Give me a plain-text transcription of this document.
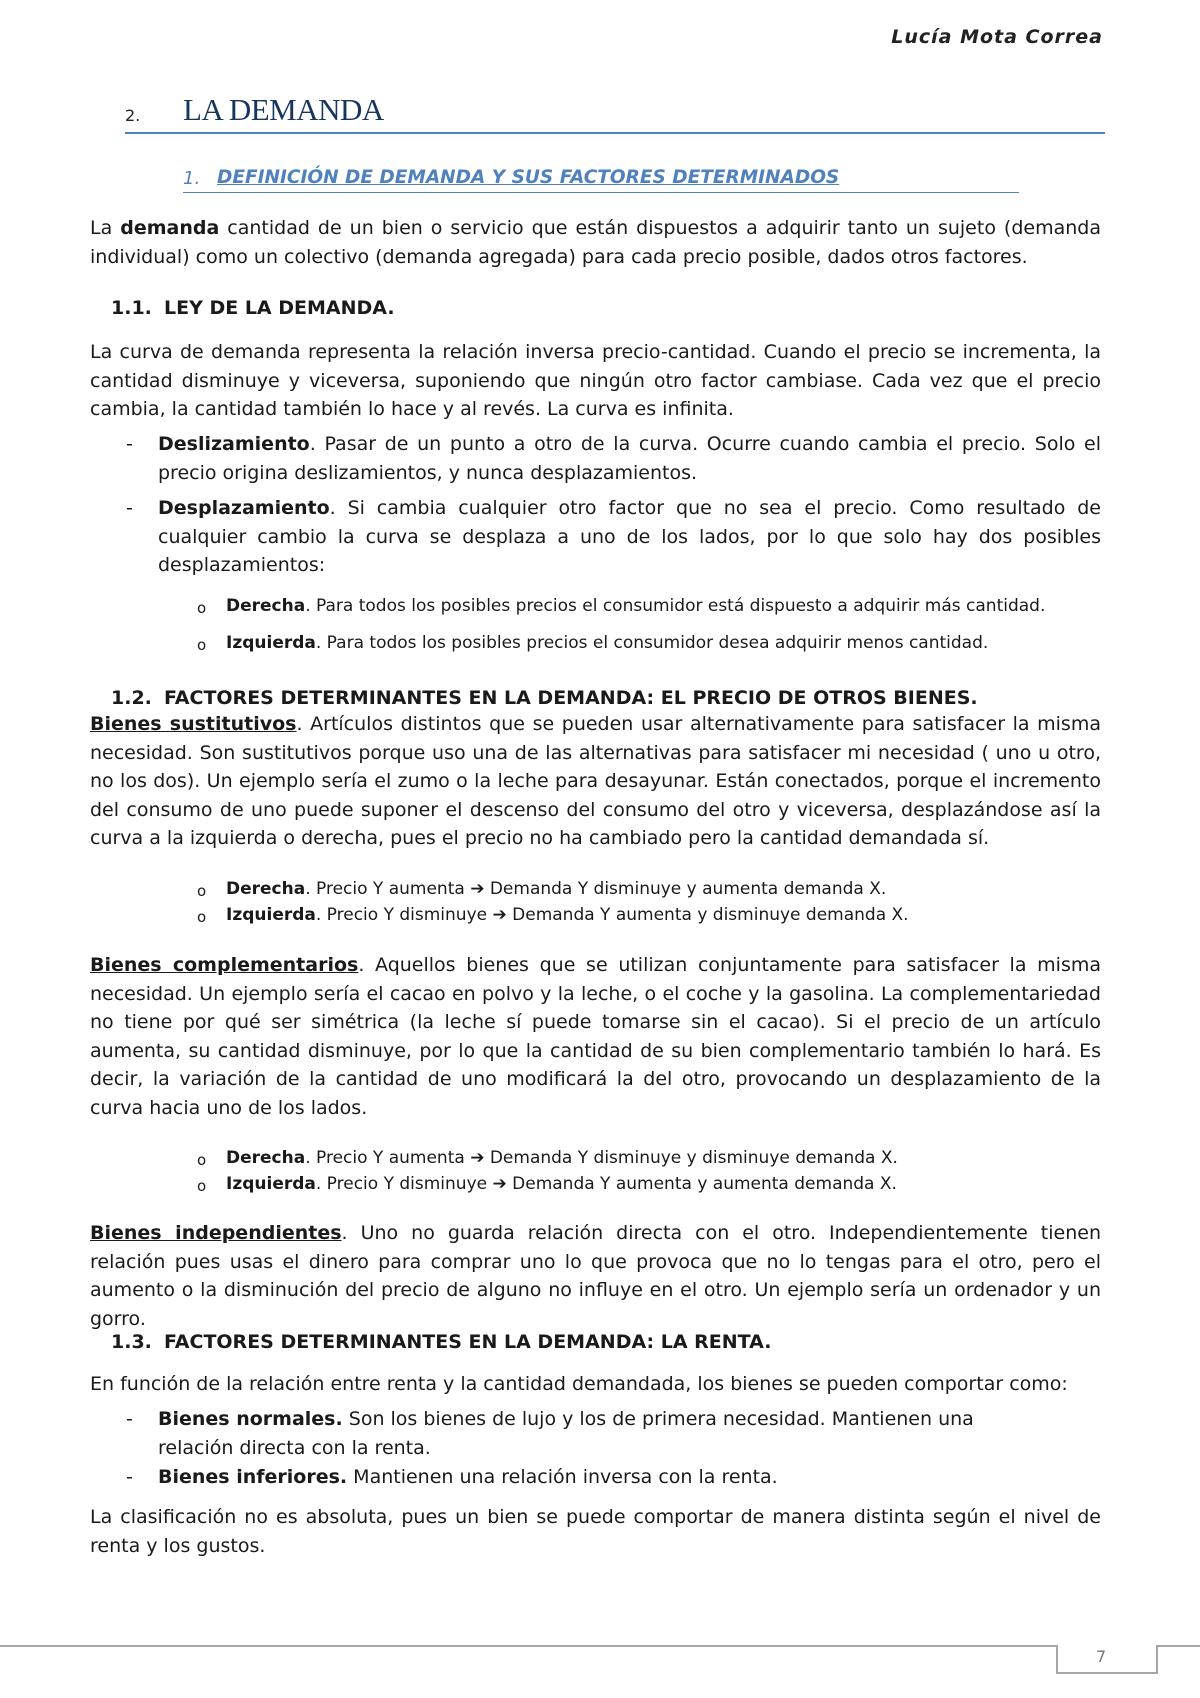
Lucía Mota Correa
2. LA DEMANDA
1. DEFINICIÓN DE DEMANDA Y SUS FACTORES DETERMINADOS
La demanda cantidad de un bien o servicio que están dispuestos a adquirir tanto un sujeto (demanda individual) como un colectivo (demanda agregada) para cada precio posible, dados otros factores.
1.1. LEY DE LA DEMANDA.
La curva de demanda representa la relación inversa precio-cantidad. Cuando el precio se incrementa, la cantidad disminuye y viceversa, suponiendo que ningún otro factor cambiase. Cada vez que el precio cambia, la cantidad también lo hace y al revés. La curva es infinita.
- Deslizamiento. Pasar de un punto a otro de la curva. Ocurre cuando cambia el precio. Solo el precio origina deslizamientos, y nunca desplazamientos.
- Desplazamiento. Si cambia cualquier otro factor que no sea el precio. Como resultado de cualquier cambio la curva se desplaza a uno de los lados, por lo que solo hay dos posibles desplazamientos:
o Derecha. Para todos los posibles precios el consumidor está dispuesto a adquirir más cantidad.
o Izquierda. Para todos los posibles precios el consumidor desea adquirir menos cantidad.
1.2. FACTORES DETERMINANTES EN LA DEMANDA: EL PRECIO DE OTROS BIENES.
Bienes sustitutivos. Artículos distintos que se pueden usar alternativamente para satisfacer la misma necesidad. Son sustitutivos porque uso una de las alternativas para satisfacer mi necesidad ( uno u otro, no los dos). Un ejemplo sería el zumo o la leche para desayunar. Están conectados, porque el incremento del consumo de uno puede suponer el descenso del consumo del otro y viceversa, desplazándose así la curva a la izquierda o derecha, pues el precio no ha cambiado pero la cantidad demandada sí.
o Derecha. Precio Y aumenta ➔ Demanda Y disminuye y aumenta demanda X.
o Izquierda. Precio Y disminuye ➔ Demanda Y aumenta y disminuye demanda X.
Bienes complementarios. Aquellos bienes que se utilizan conjuntamente para satisfacer la misma necesidad. Un ejemplo sería el cacao en polvo y la leche, o el coche y la gasolina. La complementariedad no tiene por qué ser simétrica (la leche sí puede tomarse sin el cacao). Si el precio de un artículo aumenta, su cantidad disminuye, por lo que la cantidad de su bien complementario también lo hará. Es decir, la variación de la cantidad de uno modificará la del otro, provocando un desplazamiento de la curva hacia uno de los lados.
o Derecha. Precio Y aumenta ➔ Demanda Y disminuye y disminuye demanda X.
o Izquierda. Precio Y disminuye ➔ Demanda Y aumenta y aumenta demanda X.
Bienes independientes. Uno no guarda relación directa con el otro. Independientemente tienen relación pues usas el dinero para comprar uno lo que provoca que no lo tengas para el otro, pero el aumento o la disminución del precio de alguno no influye en el otro. Un ejemplo sería un ordenador y un gorro.
1.3. FACTORES DETERMINANTES EN LA DEMANDA: LA RENTA.
En función de la relación entre renta y la cantidad demandada, los bienes se pueden comportar como:
- Bienes normales. Son los bienes de lujo y los de primera necesidad. Mantienen una relación directa con la renta.
- Bienes inferiores. Mantienen una relación inversa con la renta.
La clasificación no es absoluta, pues un bien se puede comportar de manera distinta según el nivel de renta y los gustos.
7
